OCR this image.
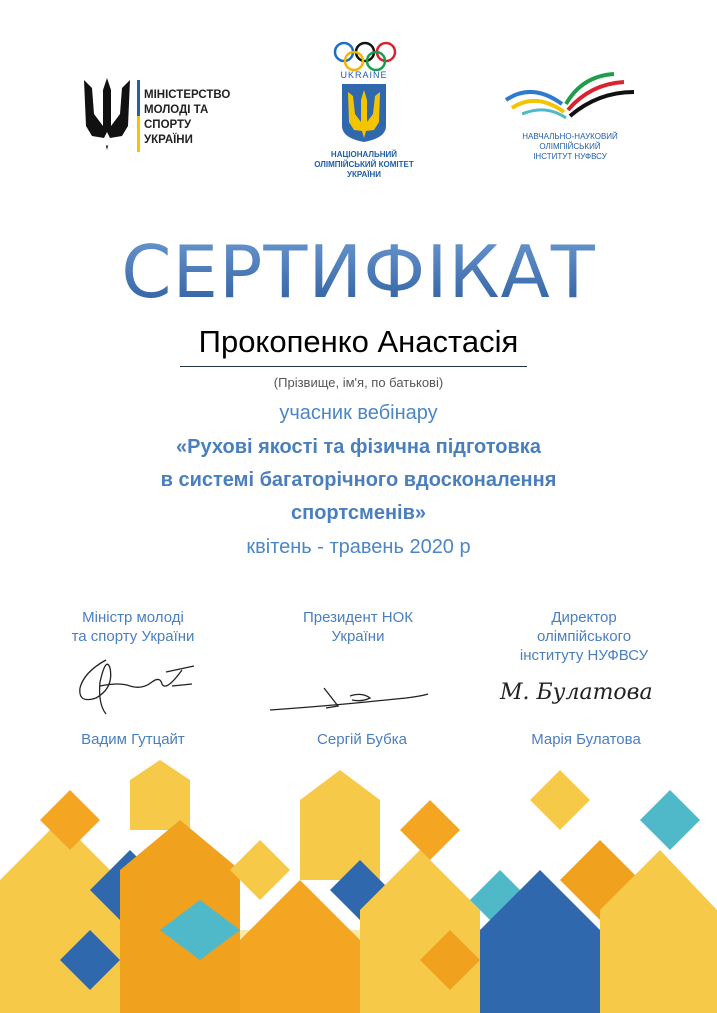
МІНІСТЕРСТВО
МОЛОДІ ТА СПОРТУ
УКРАЇНИ
UKRAINE
НАЦІОНАЛЬНИЙ
ОЛІМПІЙСЬКИЙ КОМІТЕТ
УКРАЇНИ
НАВЧАЛЬНО-НАУКОВИЙ
ОЛІМПІЙСЬКИЙ
ІНСТИТУТ НУФВСУ
СЕРТИФІКАТ
Прокопенко Анастасія
(Прізвище, ім'я, по батькові)
учасник вебінару
«Рухові якості та фізична підготовка
в системі багаторічного вдосконалення
спортсменів»
квітень - травень 2020 р
Міністр молоді
та спорту України
Вадим Гутцайт
Президент НОК
України
Сергій Бубка
Директор
олімпійського
інституту НУФВСУ
М. Булатова
Марія Булатова
